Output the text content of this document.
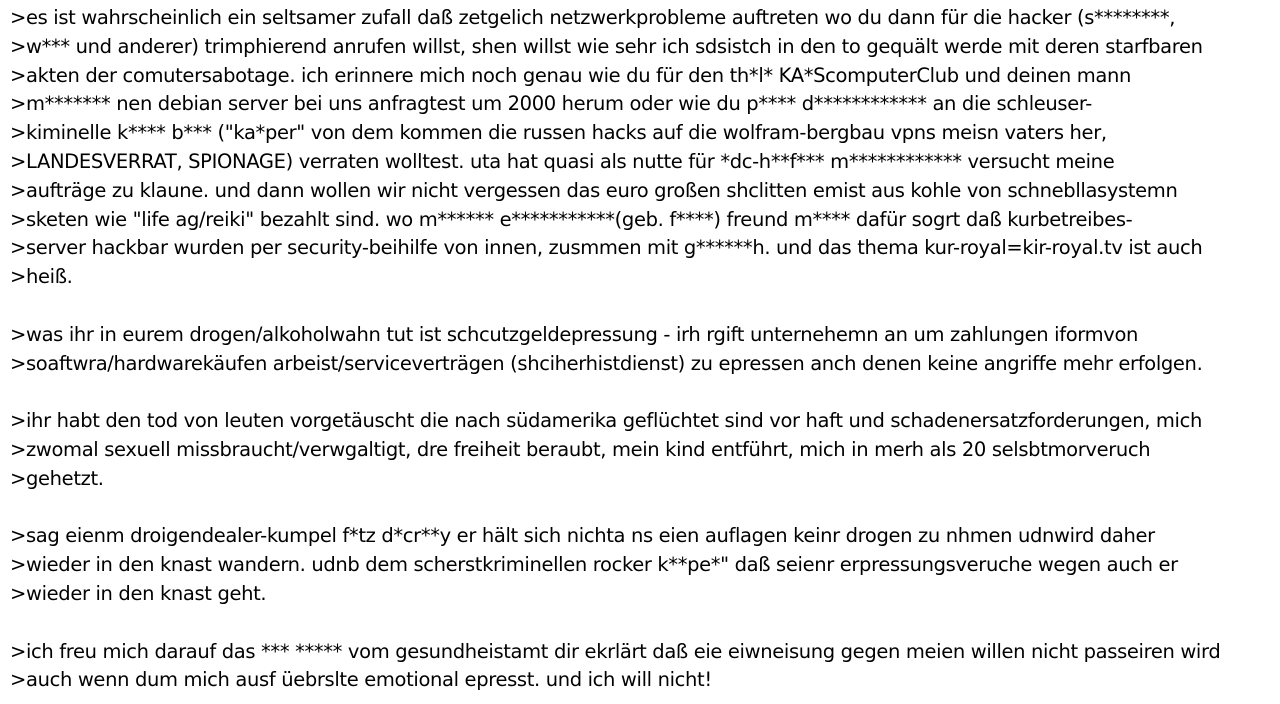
>es ist wahrscheinlich ein seltsamer zufall daß zetgelich netzwerkprobleme auftreten wo du dann für die hacker (s********,
>w*** und anderer) trimphierend anrufen willst, shen willst wie sehr ich sdsistch in den to gequält werde mit deren starfbaren
>akten der comutersabotage. ich erinnere mich noch genau wie du für den th*l* KA*ScomputerClub und deinen mann
>m******* nen debian server bei uns anfragtest um 2000 herum oder wie du p**** d************ an die schleuser-
>kiminelle k**** b*** ("ka*per" von dem kommen die russen hacks auf die wolfram-bergbau vpns meisn vaters her,
>LANDESVERRAT, SPIONAGE) verraten wolltest. uta hat quasi als nutte für *dc-h**f*** m************ versucht meine
>aufträge zu klaune. und dann wollen wir nicht vergessen das euro großen shclitten emist aus kohle von schnebllasystemn
>sketen wie "life ag/reiki" bezahlt sind. wo m****** e***********(geb. f****) freund m**** dafür sogrt daß kurbetreibes-
>server hackbar wurden per security-beihilfe von innen, zusmmen mit g******h. und das thema kur-royal=kir-royal.tv ist auch
>heiß.
>was ihr in eurem drogen/alkoholwahn tut ist schcutzgeldepressung - irh rgift unternehemn an um zahlungen iformvon
>soaftwra/hardwarekäufen arbeist/serviceverträgen (shciherhistdienst) zu epressen anch denen keine angriffe mehr erfolgen.
>ihr habt den tod von leuten vorgetäuscht die nach südamerika geflüchtet sind vor haft und schadenersatzforderungen, mich
>zwomal sexuell missbraucht/verwgaltigt, dre freiheit beraubt, mein kind entführt, mich in merh als 20 selsbtmorveruch
>gehetzt.
>sag eienm droigendealer-kumpel f*tz d*cr**y er hält sich nichta ns eien auflagen keinr drogen zu nhmen udnwird daher
>wieder in den knast wandern. udnb dem scherstkriminellen rocker k**pe*" daß seienr erpressungsveruche wegen auch er
>wieder in den knast geht.
>ich freu mich darauf das *** ***** vom gesundheistamt dir ekrlärt daß eie eiwneisung gegen meien willen nicht passeiren wird
>auch wenn dum mich ausf üebrslte emotional epresst. und ich will nicht!
